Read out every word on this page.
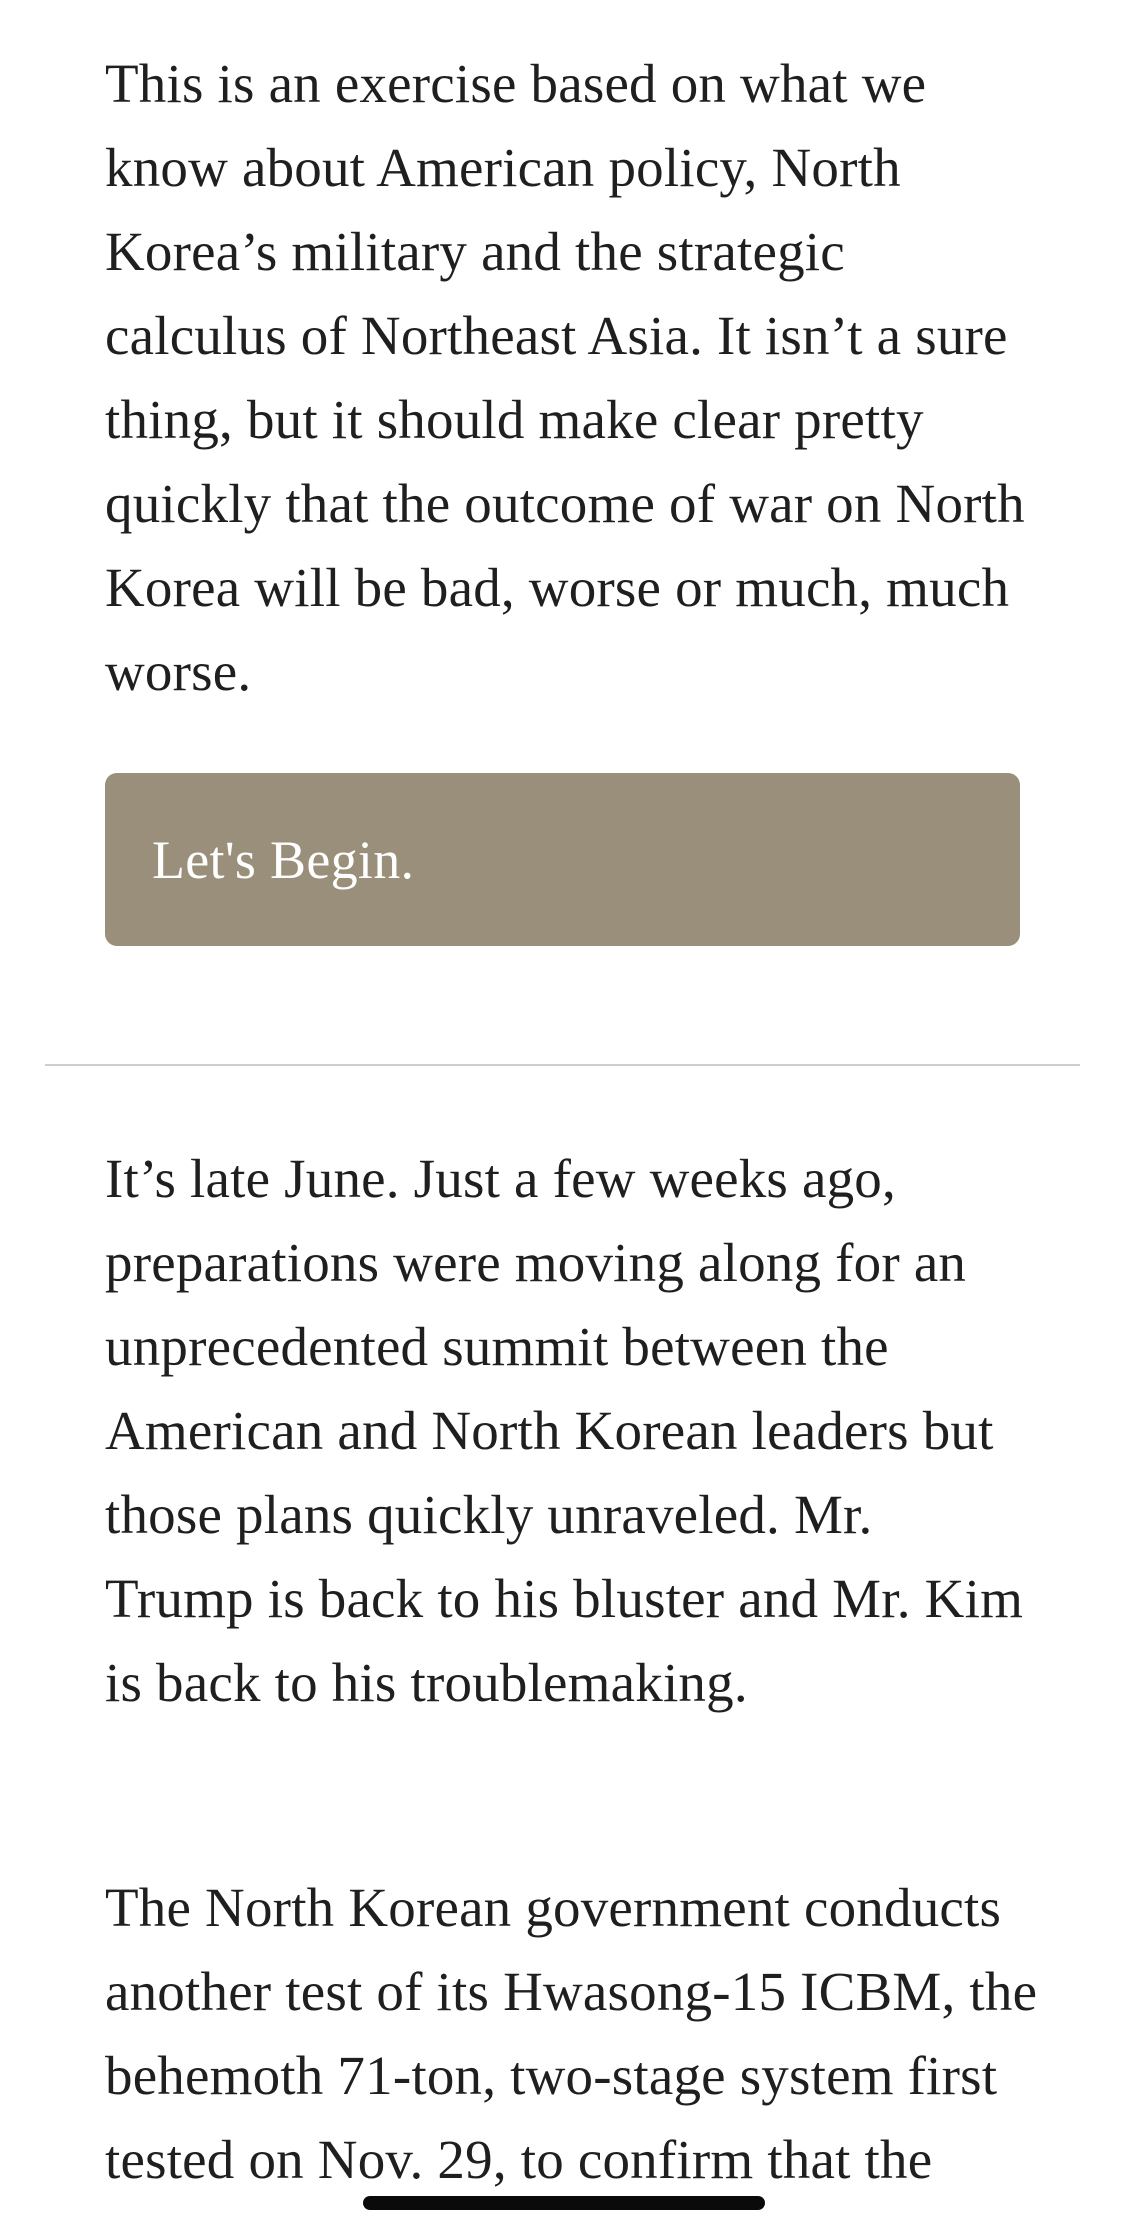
This is an exercise based on what we know about American policy, North Korea’s military and the strategic calculus of Northeast Asia. It isn’t a sure thing, but it should make clear pretty quickly that the outcome of war on North Korea will be bad, worse or much, much worse.

Let's Begin.

It’s late June. Just a few weeks ago, preparations were moving along for an unprecedented summit between the American and North Korean leaders but those plans quickly unraveled. Mr. Trump is back to his bluster and Mr. Kim is back to his troublemaking.

The North Korean government conducts another test of its Hwasong-15 ICBM, the behemoth 71-ton, two-stage system first tested on Nov. 29, to confirm that the
